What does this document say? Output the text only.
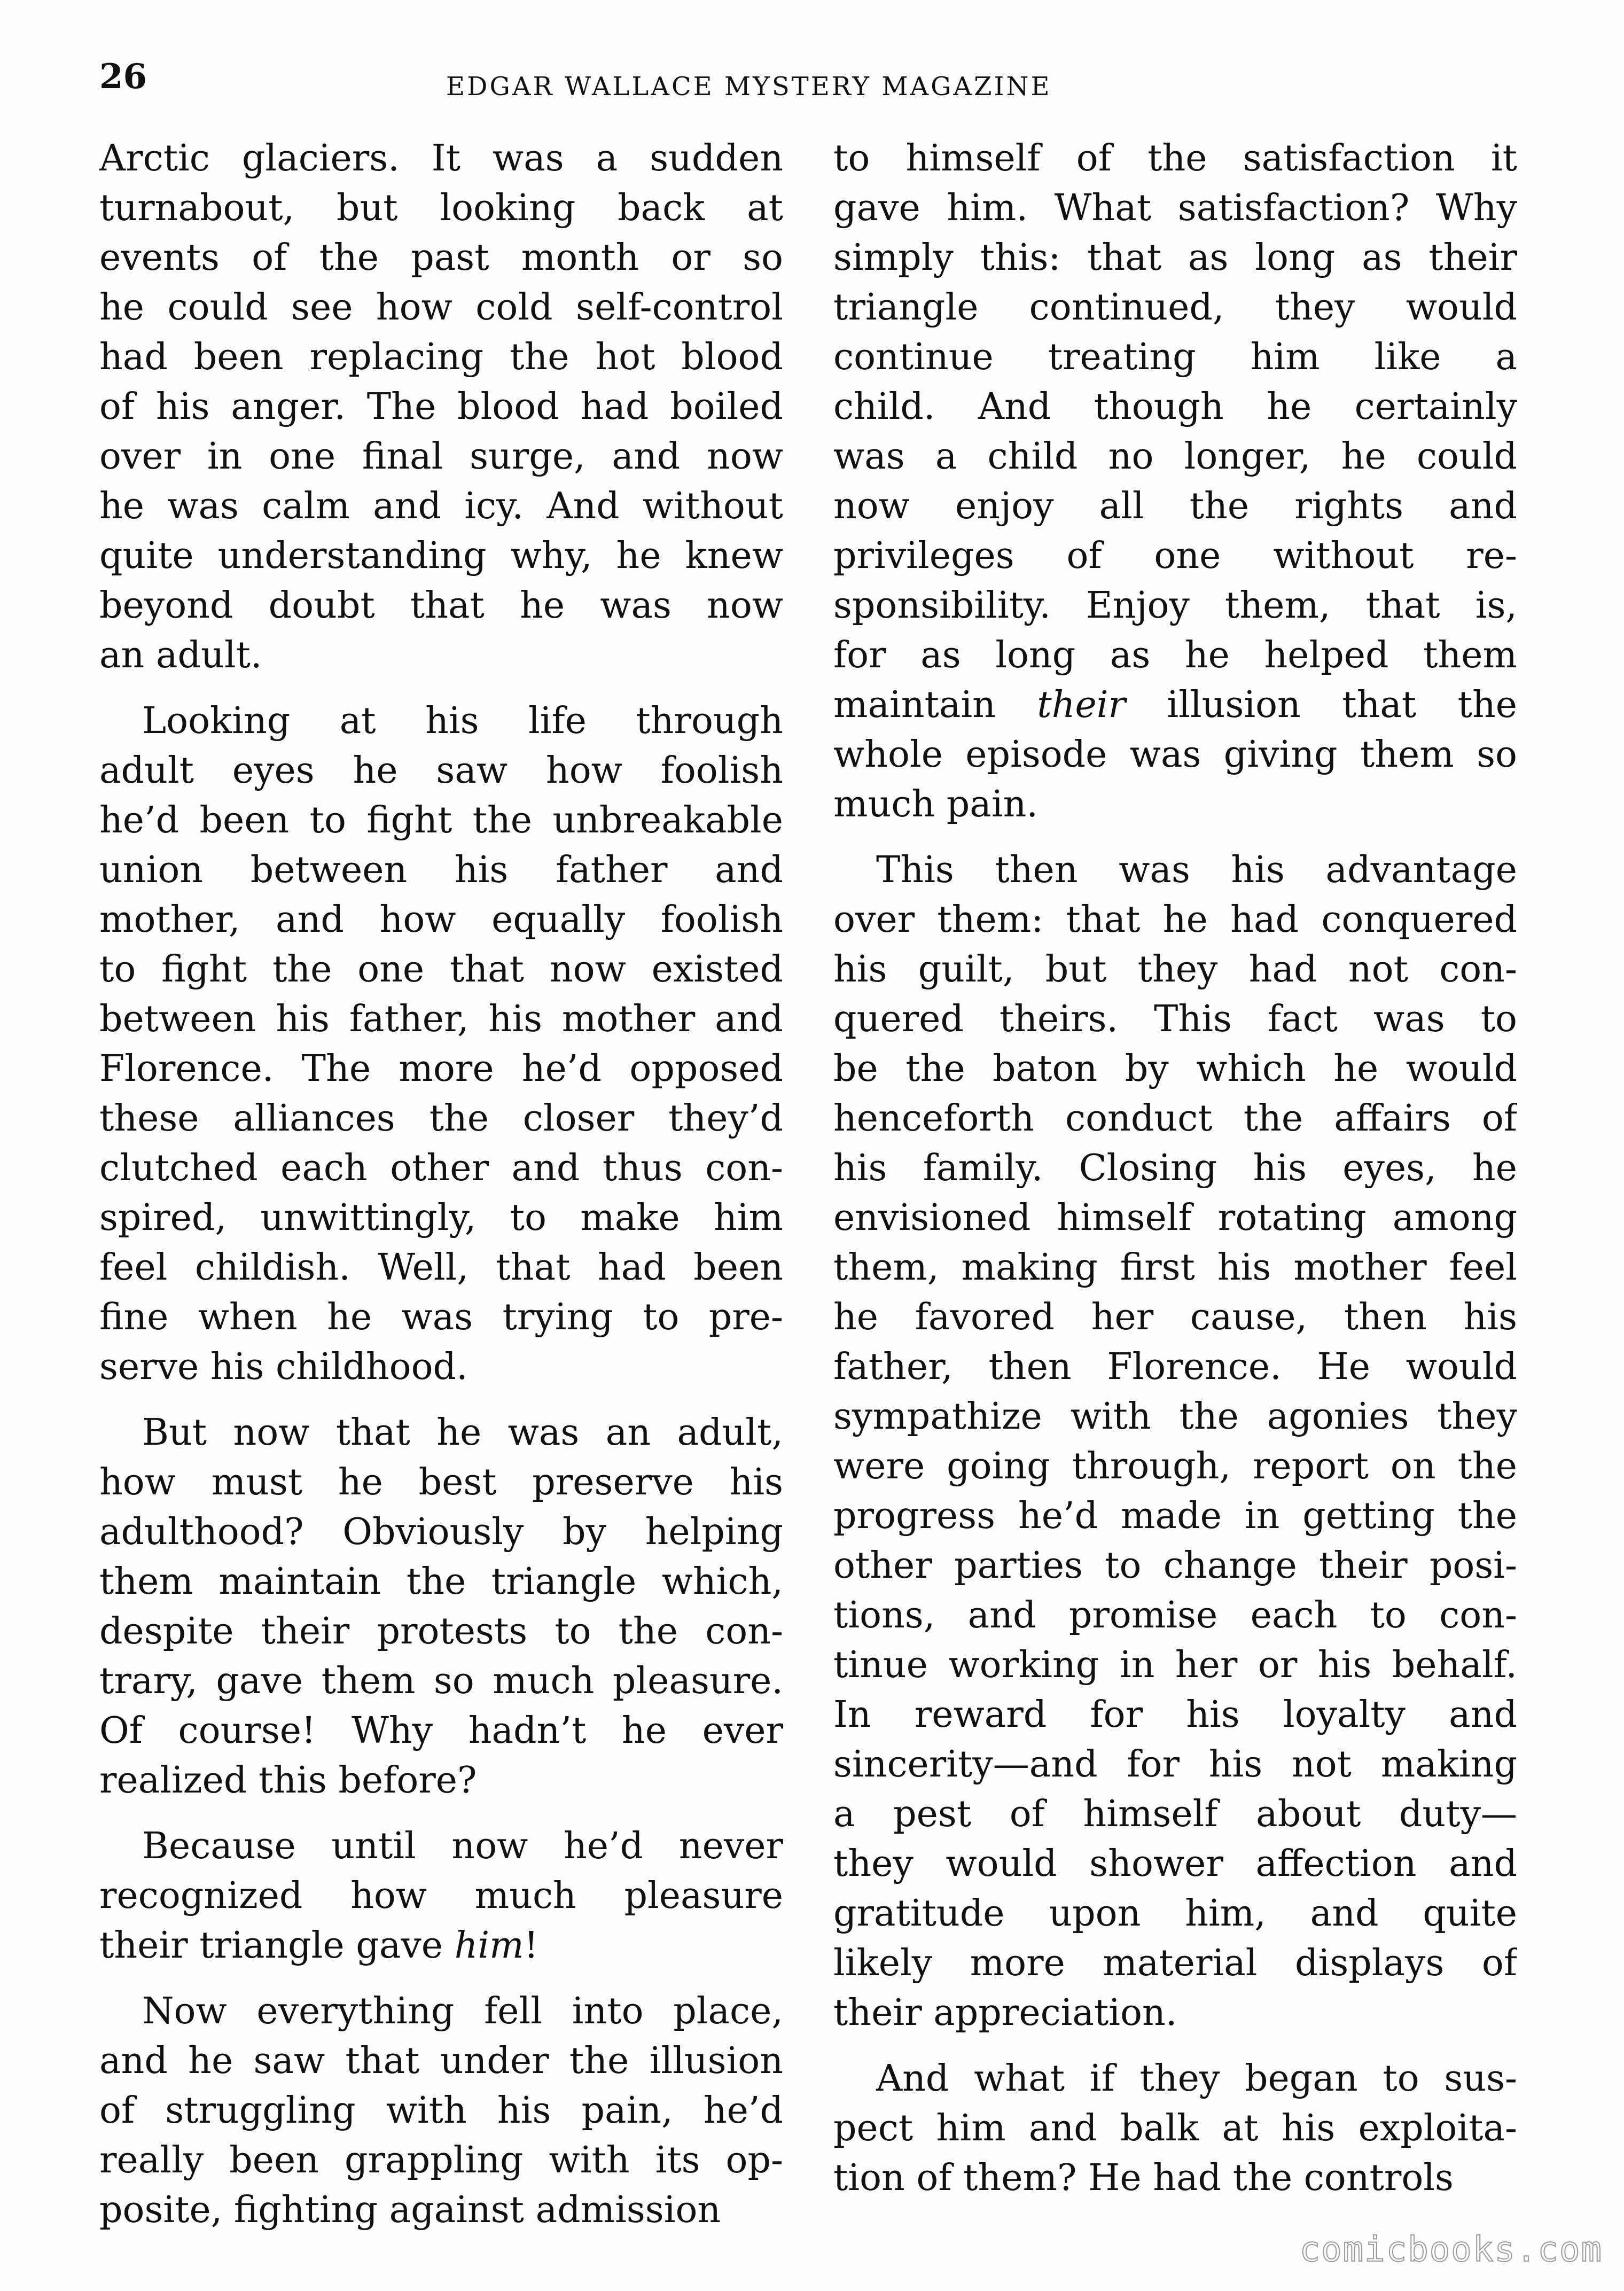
26	EDGAR WALLACE MYSTERY MAGAZINE

Arctic glaciers. It was a sudden
turnabout, but looking back at
events of the past month or so
he could see how cold self-control
had been replacing the hot blood
of his anger. The blood had boiled
over in one final surge, and now
he was calm and icy. And without
quite understanding why, he knew
beyond doubt that he was now
an adult.

Looking at his life through
adult eyes he saw how foolish
he’d been to fight the unbreakable
union between his father and
mother, and how equally foolish
to fight the one that now existed
between his father, his mother and
Florence. The more he’d opposed
these alliances the closer they’d
clutched each other and thus con-
spired, unwittingly, to make him
feel childish. Well, that had been
fine when he was trying to pre-
serve his childhood.

But now that he was an adult,
how must he best preserve his
adulthood? Obviously by helping
them maintain the triangle which,
despite their protests to the con-
trary, gave them so much pleasure.
Of course! Why hadn’t he ever
realized this before?

Because until now he’d never
recognized how much pleasure
their triangle gave him!

Now everything fell into place,
and he saw that under the illusion
of struggling with his pain, he’d
really been grappling with its op-
posite, fighting against admission

to himself of the satisfaction it
gave him. What satisfaction? Why
simply this: that as long as their
triangle continued, they would
continue treating him like a
child. And though he certainly
was a child no longer, he could
now enjoy all the rights and
privileges of one without re-
sponsibility. Enjoy them, that is,
for as long as he helped them
maintain their illusion that the
whole episode was giving them so
much pain.

This then was his advantage
over them: that he had conquered
his guilt, but they had not con-
quered theirs. This fact was to
be the baton by which he would
henceforth conduct the affairs of
his family. Closing his eyes, he
envisioned himself rotating among
them, making first his mother feel
he favored her cause, then his
father, then Florence. He would
sympathize with the agonies they
were going through, report on the
progress he’d made in getting the
other parties to change their posi-
tions, and promise each to con-
tinue working in her or his behalf.
In reward for his loyalty and
sincerity—and for his not making
a pest of himself about duty—
they would shower affection and
gratitude upon him, and quite
likely more material displays of
their appreciation.

And what if they began to sus-
pect him and balk at his exploita-
tion of them? He had the controls

comicbooks.com
